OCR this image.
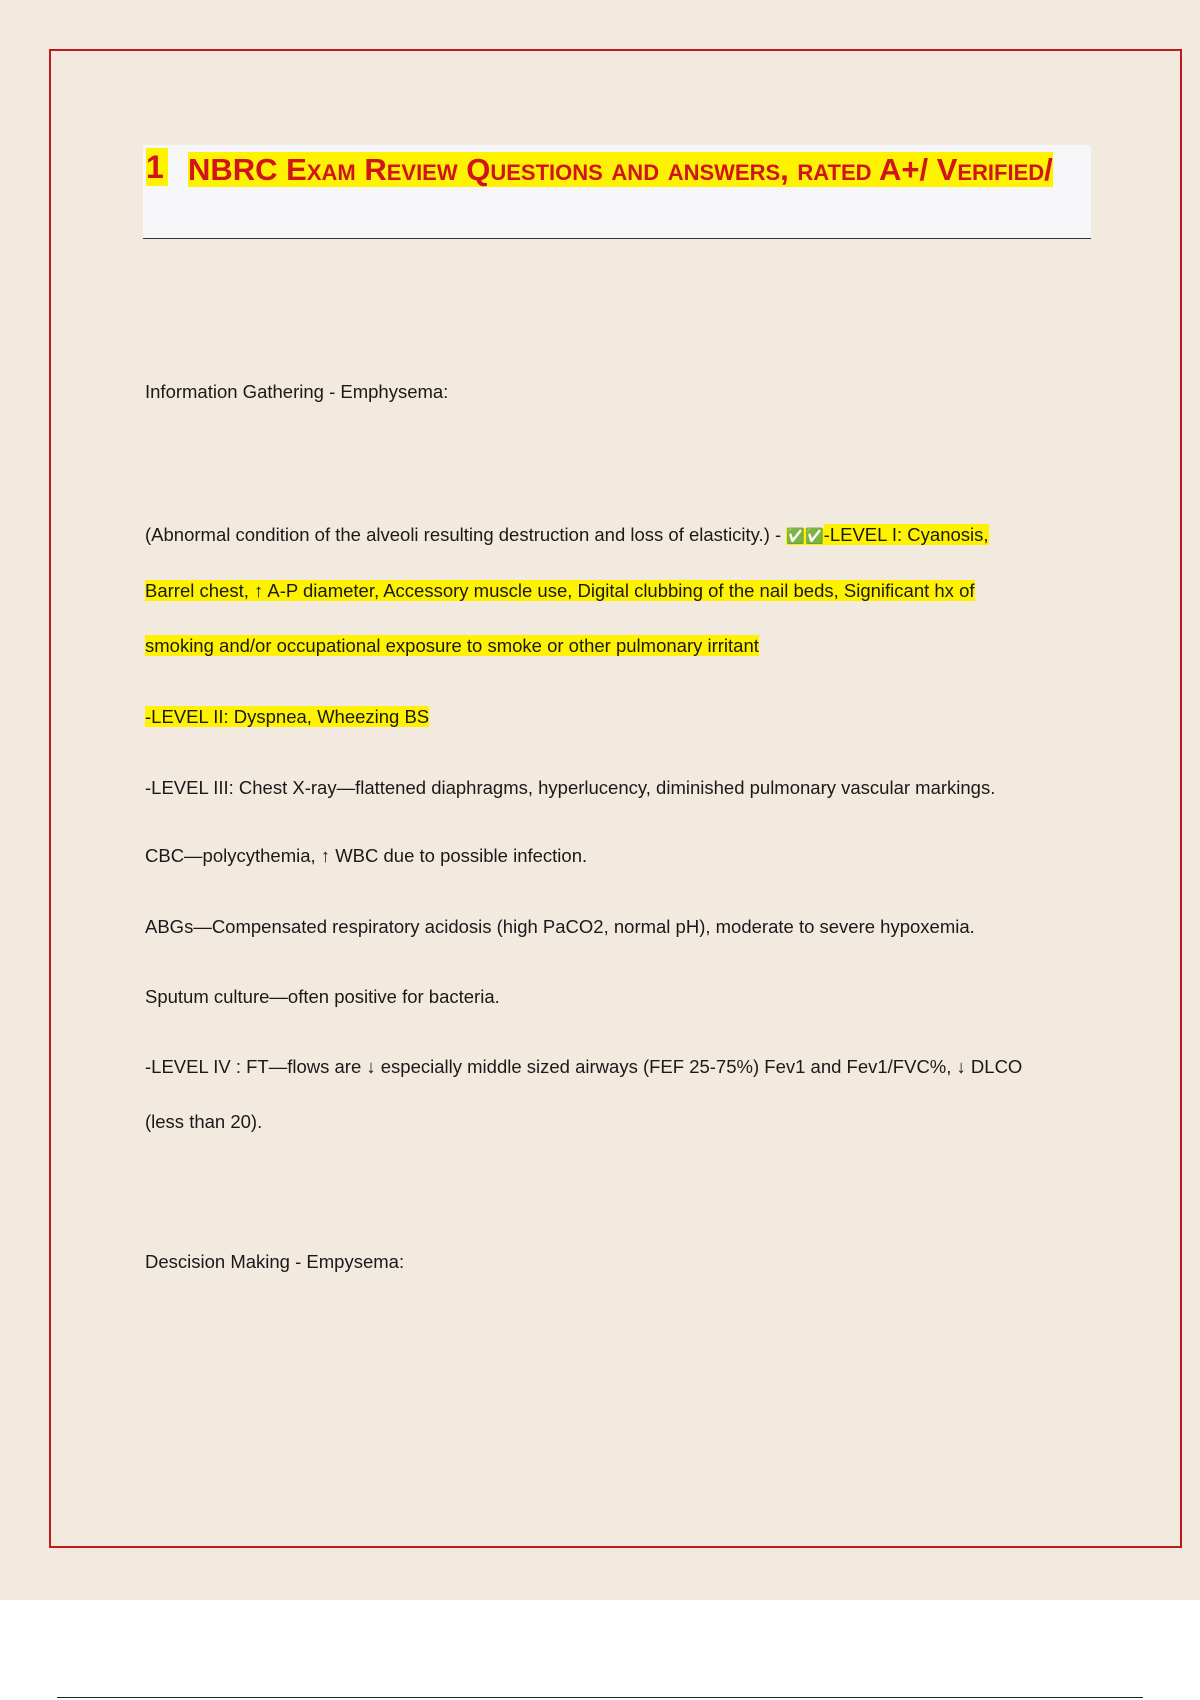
1 NBRC Exam Review Questions and answers, rated A+/ Verified/
Information Gathering - Emphysema:
(Abnormal condition of the alveoli resulting destruction and loss of elasticity.) - ✅✅-LEVEL I: Cyanosis,
Barrel chest, ↑ A-P diameter, Accessory muscle use, Digital clubbing of the nail beds, Significant hx of
smoking and/or occupational exposure to smoke or other pulmonary irritant
-LEVEL II: Dyspnea, Wheezing BS
-LEVEL III: Chest X-ray—flattened diaphragms, hyperlucency, diminished pulmonary vascular markings.
CBC—polycythemia, ↑ WBC due to possible infection.
ABGs—Compensated respiratory acidosis (high PaCO2, normal pH), moderate to severe hypoxemia.
Sputum culture—often positive for bacteria.
-LEVEL IV : FT—flows are ↓ especially middle sized airways (FEF 25-75%) Fev1 and Fev1/FVC%, ↓ DLCO
(less than 20).
Descision Making - Empysema:
